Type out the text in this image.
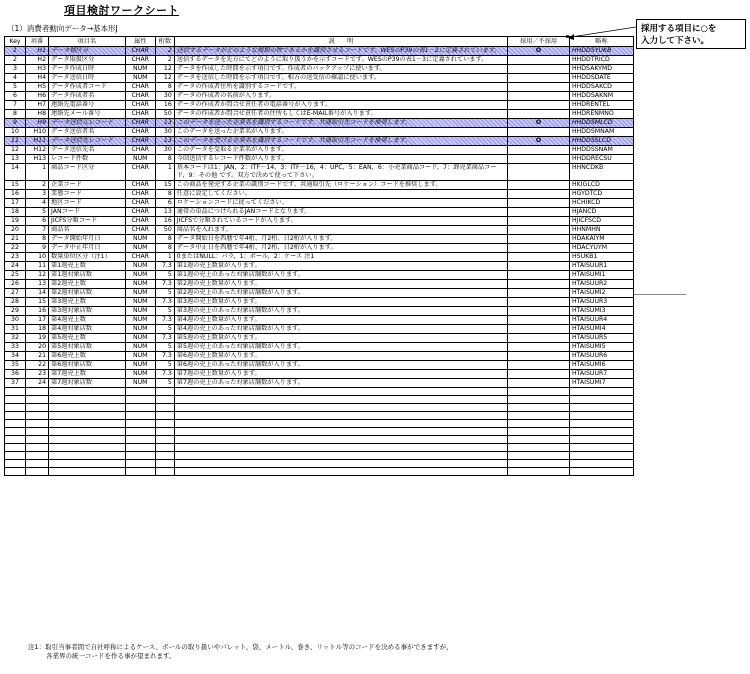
項目検討ワークシート
（1）消費者動向データ→基本形J	採用する項目に○を
入力して下さい。
Key	項番	項目名	属性	桁数	説　　明	採用／不採用	略称
1	H1	データ種区分	CHAR	2	送信するデータがどのような種類の物であるかを識別させるコードです。WESのP39の表1－2に定義されています。	O	HHDDSYUKB
2	H2	データ取扱区分	CHAR	2	送信するデータを先方にてどのように取り扱うかを示すコードです。WESのP39の表1－3に定義されています。		HHDDTRICD
3	H3	データ作成日時	NUM	12	データを作成した時間を示す項目です。作成者のバックアップに使います。		HHDSAKYMD
4	H4	データ送信日時	NUM	12	データを送信した時間を示す項目です。相方の送受信の確認に使います。		HHDDSDATE
5	H5	データ作成者コード	CHAR	8	データの作成者住所を識別するコードです。		HHDDSAKCD
6	H6	データ作成者名	CHAR	30	データの作成者の名前が入ります。		HHDDSAKNM
7	H7	連絡先電話番号	CHAR	16	データの作成者か問合せ責任者の電話番号が入ります。		HHDRENTEL
8	H8	連絡先メール番号	CHAR	50	データの作成者か問合せ責任者の住所もしくはE-MAIL番号が入ります。		HHDRENMNO
9	H9	データ送信元レコード	CHAR	13	このデータを送った企業名を識別するコードです。共通取引先コードを推奨します。	O	HHDDSMLCD
10	H10	データ送信者名	CHAR	30	このデータを送った企業名が入ります。		HHDDSMNAM
11	H11	データ送信先レコード	CHAR	13	このデータを受ける企業名を識別するコードです。共通取引先コードを推奨します。	O	HHDDSSLCD
12	H12	データ送信先名	CHAR	30	このデータを受取る企業名が入ります。		HHDDSSNAM
13	H13	レコード件数	NUM	8	今回送信するレコード件数が入ります。		HHDDRECSU
14	1	商品コード区分	CHAR	1	基本コードは1：JAN，2：ITF－14，3：ITF－16，4：UPC，5：EAN，6：小売業商品コード，7：卸売業商品コード，9：その他 です。双方で決めて使って下さい。		HHNCDKB
15	2	企業コード	CHAR	15	この商品を発売する企業の識別コードです。共通取引先（ロケーション）コードを推奨します。		HKIGLCD
16	3	業態コード	CHAR	8	任意に設定してください。		HGYDTCD
17	4	地区コード	CHAR	6	ロケーションコードに従ってください。		HCHIKCD
18	5	JANコード	CHAR	13	通常の単品につけられるJANコードとなります。		HJANCD
19	6	JICFS分類コード	CHAR	16	JICFSで分類されているコードが入ります。		HJICFSCD
20	7	商品名	CHAR	50	商品名を入れます。		HHNMHN
21	8	データ開始年月日	NUM	8	データ開始日を西暦で年4桁、月2桁、日2桁が入ります。		HDAKAIYM
22	9	データ中止年月日	NUM	8	データ中止日を西暦で年4桁、月2桁、日2桁が入ります。		HDACYUYM
23	10	数量単位区分（注1）	CHAR	1	0またはNULL：バラ，1：ボール，2：ケース 注1		HSUKB1
24	11	第1週売上数	NUM	7.3	第1週の売上数量が入ります。		HTAISUUR1
25	12	第1週対象店数	NUM	5	第1週の売上のあった対象店舗数が入ります。		HTAISUMI1
26	13	第2週売上数	NUM	7.3	第2週の売上数量が入ります。		HTAISUUR2
27	14	第2週対象店数	NUM	5	第2週の売上のあった対象店舗数が入ります。		HTAISUMI2
28	15	第3週売上数	NUM	7.3	第3週の売上数量が入ります。		HTAISUUR3
29	16	第3週対象店数	NUM	5	第3週の売上のあった対象店舗数が入ります。		HTAISUMI3
30	17	第4週売上数	NUM	7.3	第4週の売上数量が入ります。		HTAISUUR4
31	18	第4週対象店数	NUM	5	第4週の売上のあった対象店舗数が入ります。		HTAISUMI4
32	19	第5週売上数	NUM	7.3	第5週の売上数量が入ります。		HTAISUUR5
33	20	第5週対象店数	NUM	5	第5週の売上のあった対象店舗数が入ります。		HTAISUMI5
34	21	第6週売上数	NUM	7.3	第6週の売上数量が入ります。		HTAISUUR6
35	22	第6週対象店数	NUM	5	第6週の売上のあった対象店舗数が入ります。		HTAISUMI6
36	23	第7週売上数	NUM	7.3	第7週の売上数量が入ります。		HTAISUUR7
37	24	第7週対象店数	NUM	5	第7週の売上のあった対象店舗数が入ります。		HTAISUMI7

注1：取引当事者間で自社呼称によるケース、ボールの取り扱いやパレット、袋、メートル、巻き、リットル等のコードを決める事ができますが、
各業界の統一コードを作る事が望まれます。
